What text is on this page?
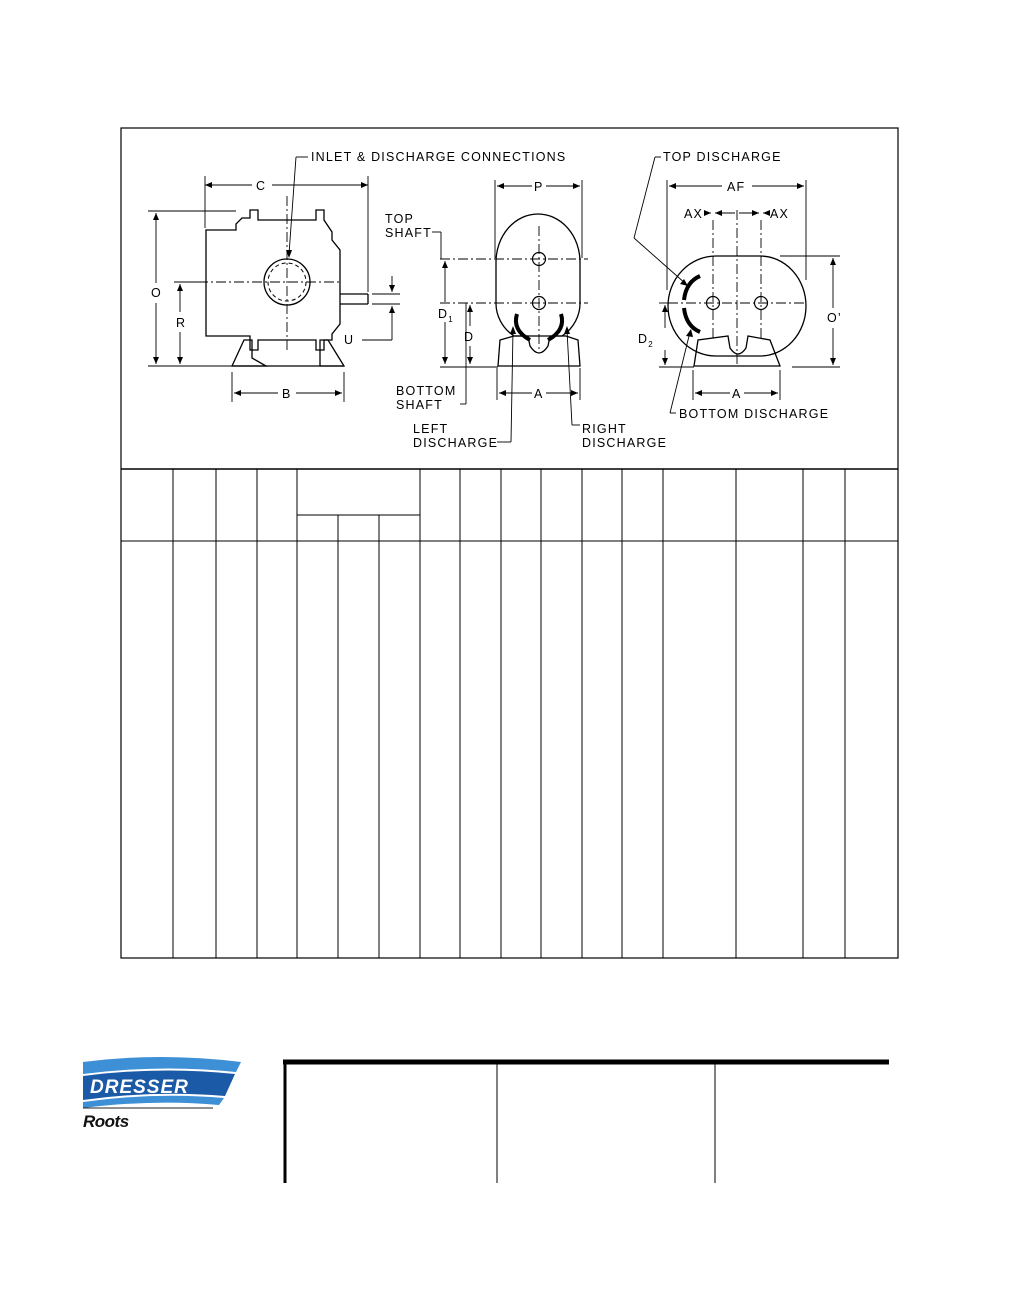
C
O
R
B
U
INLET & DISCHARGE CONNECTIONS
P
$D_1$
D
A
TOP
SHAFT
BOTTOM
SHAFT
LEFT
DISCHARGE
RIGHT
DISCHARGE
AF
AX	AX
O’
$D_2$
A
TOP DISCHARGE
BOTTOM DISCHARGE
DRESSER
Roots
